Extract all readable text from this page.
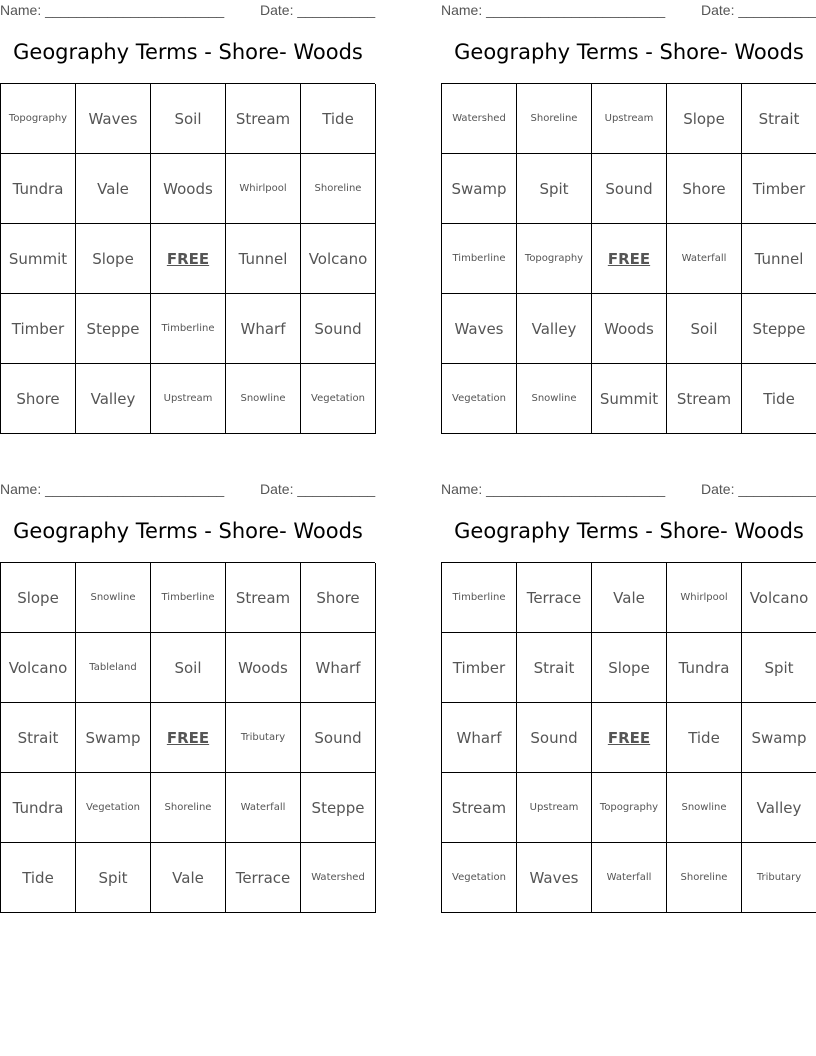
Name: _______________________	Date: __________
Geography Terms - Shore- Woods
Topography Waves Soil Stream Tide
Tundra Vale Woods	Whirlpool	Shoreline
Summit Slope FREE Tunnel Volcano
Timber Steppe Timberline Wharf Sound
Shore Valley	Upstream	Snowline	Vegetation
Name: _______________________	Date: __________
Geography Terms - Shore- Woods
Watershed Shoreline	Upstream Slope Strait
Swamp Spit Sound Shore Timber
Timberline Topography FREE	Waterfall Tunnel
Waves Valley Woods Soil Steppe
Vegetation	Snowline Summit Stream Tide
Name: _______________________	Date: __________
Geography Terms - Shore- Woods
Slope	Snowline	Timberline Stream Shore
Volcano Tableland	Soil Woods Wharf
Strait Swamp FREE	Tributary Sound
Tundra Vegetation Shoreline	Waterfall Steppe
Tide	Spit	Vale Terrace Watershed
Name: _______________________	Date: __________
Geography Terms - Shore- Woods
Timberline Terrace Vale	Whirlpool Volcano
Timber Strait Slope Tundra Spit
Wharf Sound FREE	Tide Swamp
Stream Upstream Topography Snowline Valley
Vegetation Waves	Waterfall	Shoreline	Tributary
